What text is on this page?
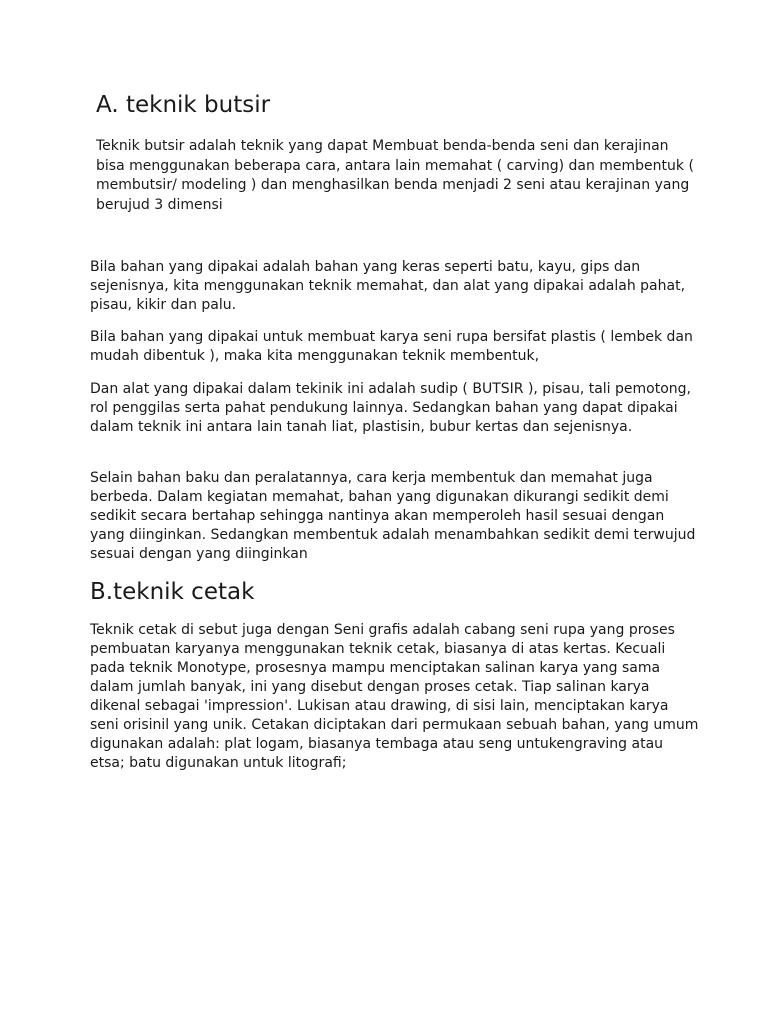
A. teknik butsir

Teknik butsir adalah teknik yang dapat Membuat benda-benda seni dan kerajinan bisa menggunakan beberapa cara, antara lain memahat ( carving) dan membentuk ( membutsir/ modeling ) dan menghasilkan benda menjadi 2 seni atau kerajinan yang berujud 3 dimensi

Bila bahan yang dipakai adalah bahan yang keras seperti batu, kayu, gips dan sejenisnya, kita menggunakan teknik memahat, dan alat yang dipakai adalah pahat, pisau, kikir dan palu.

Bila bahan yang dipakai untuk membuat karya seni rupa bersifat plastis ( lembek dan mudah dibentuk ), maka kita menggunakan teknik membentuk,

Dan alat yang dipakai dalam tekinik ini adalah sudip ( BUTSIR ), pisau, tali pemotong, rol penggilas serta pahat pendukung lainnya. Sedangkan bahan yang dapat dipakai dalam teknik ini antara lain tanah liat, plastisin, bubur kertas dan sejenisnya.

Selain bahan baku dan peralatannya, cara kerja membentuk dan memahat juga berbeda. Dalam kegiatan memahat, bahan yang digunakan dikurangi sedikit demi sedikit secara bertahap sehingga nantinya akan memperoleh hasil sesuai dengan yang diinginkan. Sedangkan membentuk adalah menambahkan sedikit demi terwujud sesuai dengan yang diinginkan

B.teknik cetak

Teknik cetak di sebut juga dengan Seni grafis adalah cabang seni rupa yang proses pembuatan karyanya menggunakan teknik cetak, biasanya di atas kertas. Kecuali pada teknik Monotype, prosesnya mampu menciptakan salinan karya yang sama dalam jumlah banyak, ini yang disebut dengan proses cetak. Tiap salinan karya dikenal sebagai 'impression'. Lukisan atau drawing, di sisi lain, menciptakan karya seni orisinil yang unik. Cetakan diciptakan dari permukaan sebuah bahan, yang umum digunakan adalah: plat logam, biasanya tembaga atau seng untukengraving atau etsa; batu digunakan untuk litografi;
